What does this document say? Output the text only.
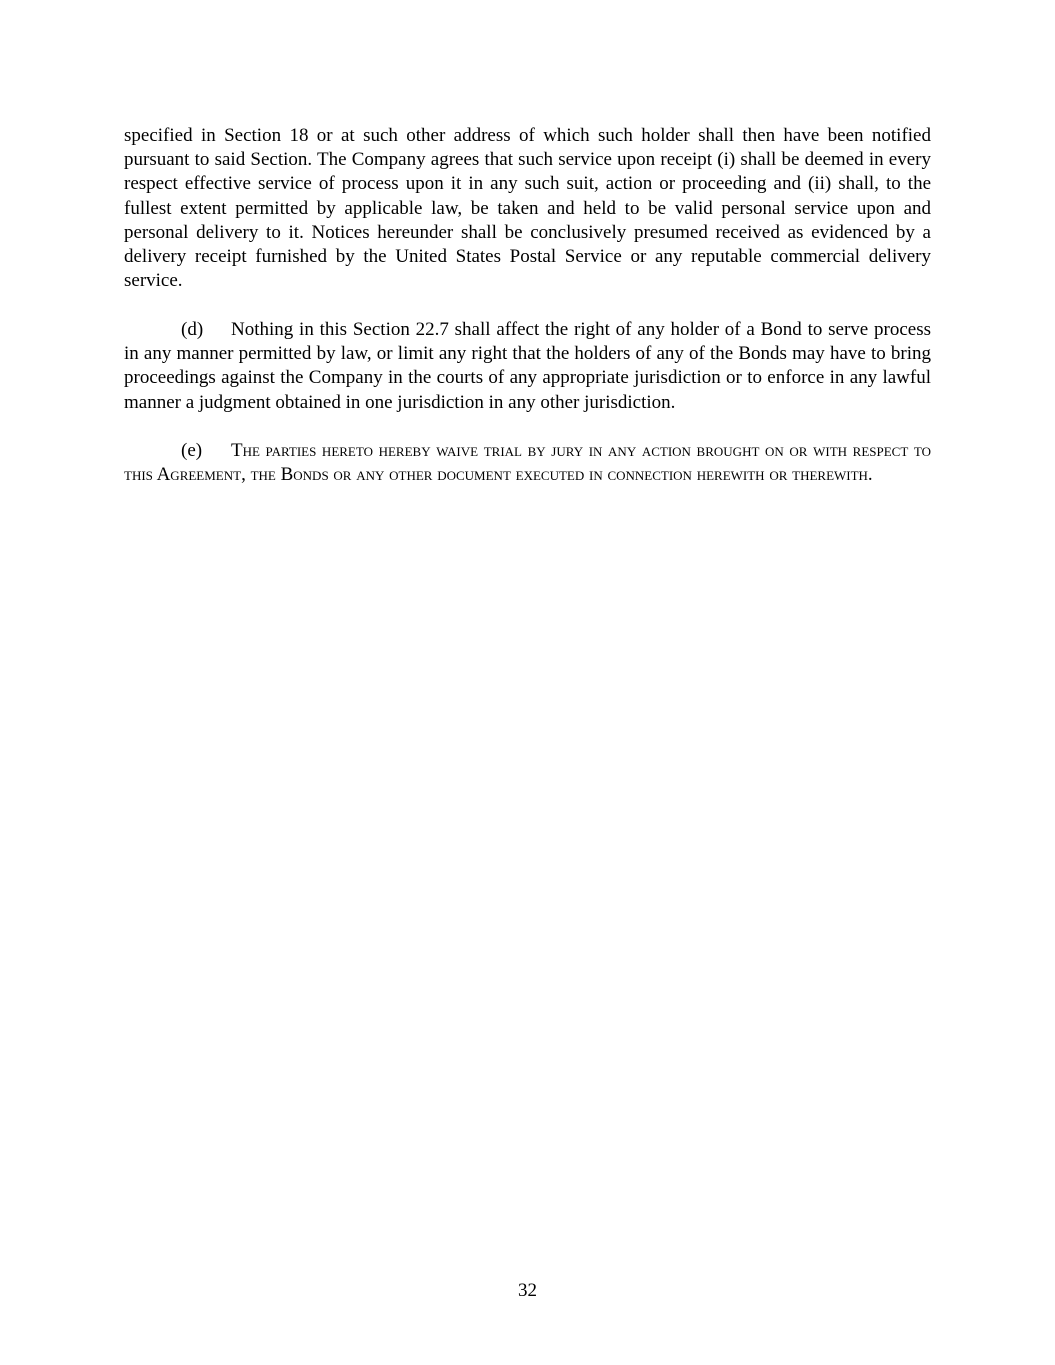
specified in Section 18 or at such other address of which such holder shall then have been notified pursuant to said Section. The Company agrees that such service upon receipt (i) shall be deemed in every respect effective service of process upon it in any such suit, action or proceeding and (ii) shall, to the fullest extent permitted by applicable law, be taken and held to be valid personal service upon and personal delivery to it. Notices hereunder shall be conclusively presumed received as evidenced by a delivery receipt furnished by the United States Postal Service or any reputable commercial delivery service.

(d) Nothing in this Section 22.7 shall affect the right of any holder of a Bond to serve process in any manner permitted by law, or limit any right that the holders of any of the Bonds may have to bring proceedings against the Company in the courts of any appropriate jurisdiction or to enforce in any lawful manner a judgment obtained in one jurisdiction in any other jurisdiction.

(e) The parties hereto hereby waive trial by jury in any action brought on or with respect to this Agreement, the Bonds or any other document executed in connection herewith or therewith.

32
